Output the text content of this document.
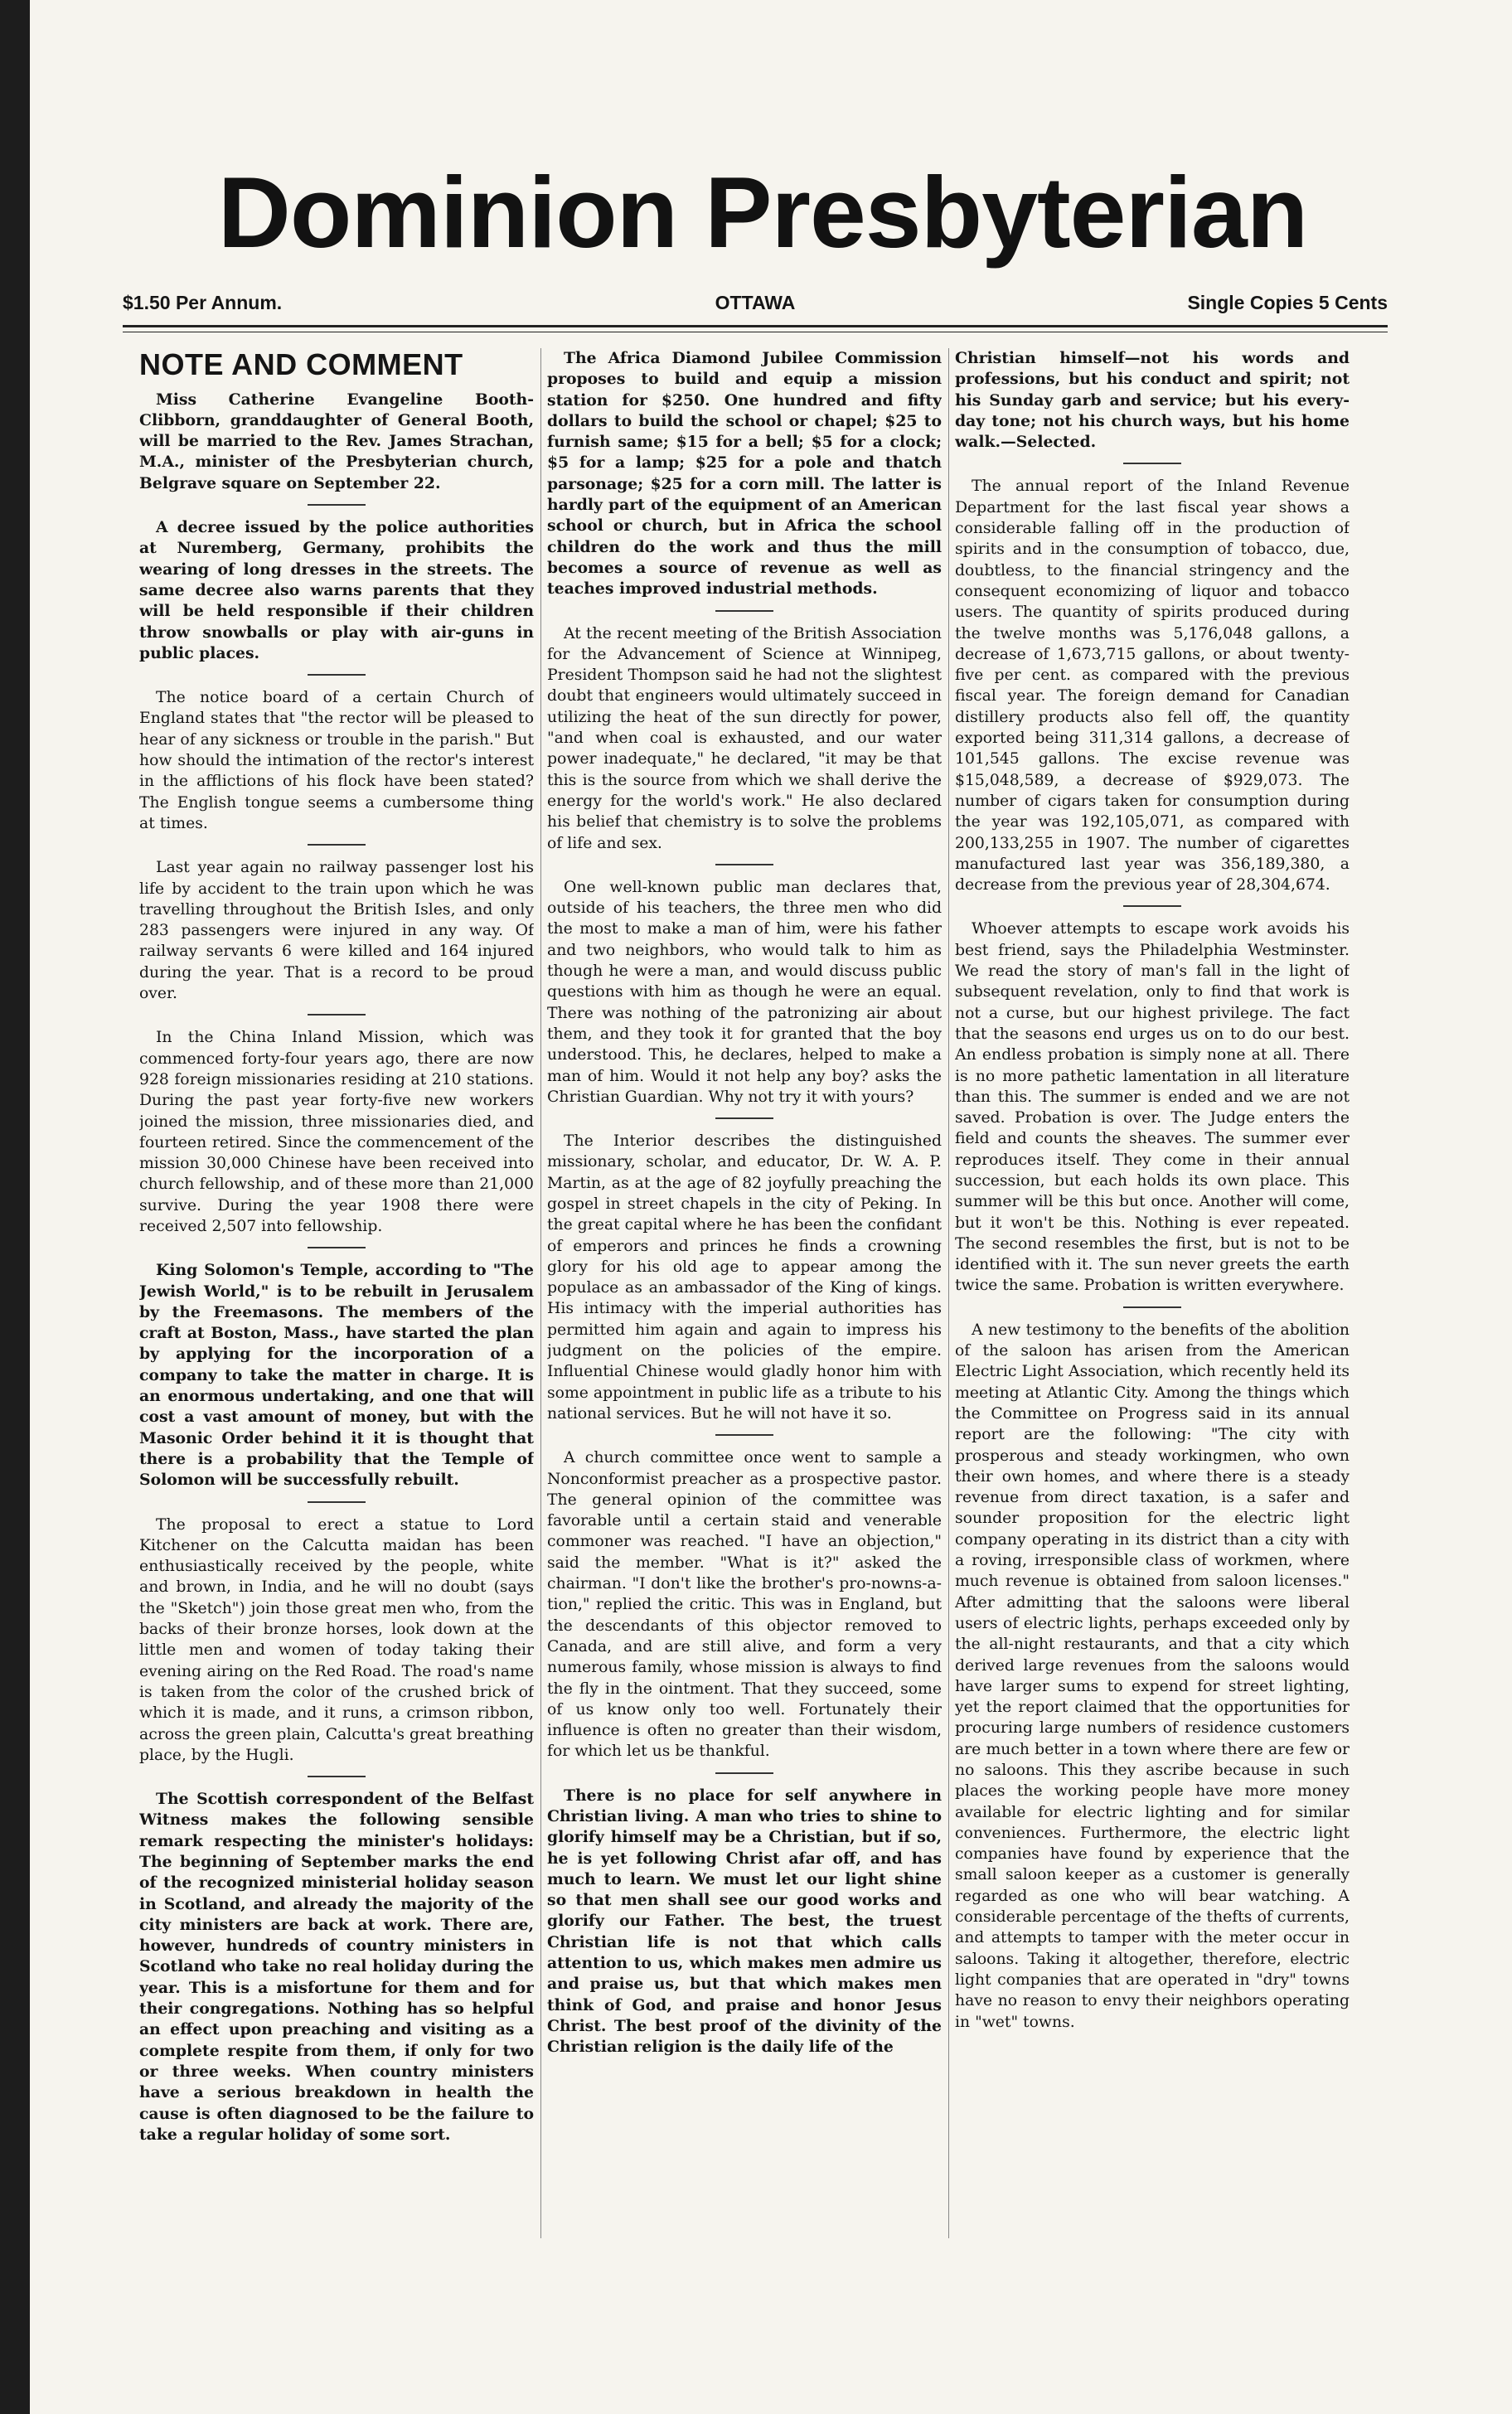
Dominion Presbyterian
$1.50 Per Annum.	OTTAWA	Single Copies 5 Cents
NOTE AND COMMENT

Miss Catherine Evangeline Booth-Clibborn, granddaughter of General Booth, will be married to the Rev. James Strachan, M.A., minister of the Presbyterian church, Belgrave square on September 22.

A decree issued by the police authorities at Nuremberg, Germany, prohibits the wearing of long dresses in the streets. The same decree also warns parents that they will be held responsible if their children throw snowballs or play with air-guns in public places.

The notice board of a certain Church of England states that "the rector will be pleased to hear of any sickness or trouble in the parish." But how should the intimation of the rector's interest in the afflictions of his flock have been stated? The English tongue seems a cumbersome thing at times.

Last year again no railway passenger lost his life by accident to the train upon which he was travelling throughout the British Isles, and only 283 passengers were injured in any way. Of railway servants 6 were killed and 164 injured during the year. That is a record to be proud over.

In the China Inland Mission, which was commenced forty-four years ago, there are now 928 foreign missionaries residing at 210 stations. During the past year forty-five new workers joined the mission, three missionaries died, and fourteen retired. Since the commencement of the mission 30,000 Chinese have been received into church fellowship, and of these more than 21,000 survive. During the year 1908 there were received 2,507 into fellowship.

King Solomon's Temple, according to "The Jewish World," is to be rebuilt in Jerusalem by the Freemasons. The members of the craft at Boston, Mass., have started the plan by applying for the incorporation of a company to take the matter in charge. It is an enormous undertaking, and one that will cost a vast amount of money, but with the Masonic Order behind it it is thought that there is a probability that the Temple of Solomon will be successfully rebuilt.

The proposal to erect a statue to Lord Kitchener on the Calcutta maidan has been enthusiastically received by the people, white and brown, in India, and he will no doubt (says the "Sketch") join those great men who, from the backs of their bronze horses, look down at the little men and women of today taking their evening airing on the Red Road. The road's name is taken from the color of the crushed brick of which it is made, and it runs, a crimson ribbon, across the green plain, Calcutta's great breathing place, by the Hugli.

The Scottish correspondent of the Belfast Witness makes the following sensible remark respecting the minister's holidays: The beginning of September marks the end of the recognized ministerial holiday season in Scotland, and already the majority of the city ministers are back at work. There are, however, hundreds of country ministers in Scotland who take no real holiday during the year. This is a misfortune for them and for their congregations. Nothing has so helpful an effect upon preaching and visiting as a complete respite from them, if only for two or three weeks. When country ministers have a serious breakdown in health the cause is often diagnosed to be the failure to take a regular holiday of some sort.

The Africa Diamond Jubilee Commission proposes to build and equip a mission station for $250. One hundred and fifty dollars to build the school or chapel; $25 to furnish same; $15 for a bell; $5 for a clock; $5 for a lamp; $25 for a pole and thatch parsonage; $25 for a corn mill. The latter is hardly part of the equipment of an American school or church, but in Africa the school children do the work and thus the mill becomes a source of revenue as well as teaches improved industrial methods.

At the recent meeting of the British Association for the Advancement of Science at Winnipeg, President Thompson said he had not the slightest doubt that engineers would ultimately succeed in utilizing the heat of the sun directly for power, "and when coal is exhausted, and our water power inadequate," he declared, "it may be that this is the source from which we shall derive the energy for the world's work." He also declared his belief that chemistry is to solve the problems of life and sex.

One well-known public man declares that, outside of his teachers, the three men who did the most to make a man of him, were his father and two neighbors, who would talk to him as though he were a man, and would discuss public questions with him as though he were an equal. There was nothing of the patronizing air about them, and they took it for granted that the boy understood. This, he declares, helped to make a man of him. Would it not help any boy? asks the Christian Guardian. Why not try it with yours?

The Interior describes the distinguished missionary, scholar, and educator, Dr. W. A. P. Martin, as at the age of 82 joyfully preaching the gospel in street chapels in the city of Peking. In the great capital where he has been the confidant of emperors and princes he finds a crowning glory for his old age to appear among the populace as an ambassador of the King of kings. His intimacy with the imperial authorities has permitted him again and again to impress his judgment on the policies of the empire. Influential Chinese would gladly honor him with some appointment in public life as a tribute to his national services. But he will not have it so.

A church committee once went to sample a Nonconformist preacher as a prospective pastor. The general opinion of the committee was favorable until a certain staid and venerable commoner was reached. "I have an objection," said the member. "What is it?" asked the chairman. "I don't like the brother's pro-nowns-a-tion," replied the critic. This was in England, but the descendants of this objector removed to Canada, and are still alive, and form a very numerous family, whose mission is always to find the fly in the ointment. That they succeed, some of us know only too well. Fortunately their influence is often no greater than their wisdom, for which let us be thankful.

There is no place for self anywhere in Christian living. A man who tries to shine to glorify himself may be a Christian, but if so, he is yet following Christ afar off, and has much to learn. We must let our light shine so that men shall see our good works and glorify our Father. The best, the truest Christian life is not that which calls attention to us, which makes men admire us and praise us, but that which makes men think of God, and praise and honor Jesus Christ. The best proof of the divinity of the Christian religion is the daily life of the

Christian himself—not his words and professions, but his conduct and spirit; not his Sunday garb and service; but his every-day tone; not his church ways, but his home walk.—Selected.

The annual report of the Inland Revenue Department for the last fiscal year shows a considerable falling off in the production of spirits and in the consumption of tobacco, due, doubtless, to the financial stringency and the consequent economizing of liquor and tobacco users. The quantity of spirits produced during the twelve months was 5,176,048 gallons, a decrease of 1,673,715 gallons, or about twenty-five per cent. as compared with the previous fiscal year. The foreign demand for Canadian distillery products also fell off, the quantity exported being 311,314 gallons, a decrease of 101,545 gallons. The excise revenue was $15,048,589, a decrease of $929,073. The number of cigars taken for consumption during the year was 192,105,071, as compared with 200,133,255 in 1907. The number of cigarettes manufactured last year was 356,189,380, a decrease from the previous year of 28,304,674.

Whoever attempts to escape work avoids his best friend, says the Philadelphia Westminster. We read the story of man's fall in the light of subsequent revelation, only to find that work is not a curse, but our highest privilege. The fact that the seasons end urges us on to do our best. An endless probation is simply none at all. There is no more pathetic lamentation in all literature than this. The summer is ended and we are not saved. Probation is over. The Judge enters the field and counts the sheaves. The summer ever reproduces itself. They come in their annual succession, but each holds its own place. This summer will be this but once. Another will come, but it won't be this. Nothing is ever repeated. The second resembles the first, but is not to be identified with it. The sun never greets the earth twice the same. Probation is written everywhere.

A new testimony to the benefits of the abolition of the saloon has arisen from the American Electric Light Association, which recently held its meeting at Atlantic City. Among the things which the Committee on Progress said in its annual report are the following: "The city with prosperous and steady workingmen, who own their own homes, and where there is a steady revenue from direct taxation, is a safer and sounder proposition for the electric light company operating in its district than a city with a roving, irresponsible class of workmen, where much revenue is obtained from saloon licenses." After admitting that the saloons were liberal users of electric lights, perhaps exceeded only by the all-night restaurants, and that a city which derived large revenues from the saloons would have larger sums to expend for street lighting, yet the report claimed that the opportunities for procuring large numbers of residence customers are much better in a town where there are few or no saloons. This they ascribe because in such places the working people have more money available for electric lighting and for similar conveniences. Furthermore, the electric light companies have found by experience that the small saloon keeper as a customer is generally regarded as one who will bear watching. A considerable percentage of the thefts of currents, and attempts to tamper with the meter occur in saloons. Taking it altogether, therefore, electric light companies that are operated in "dry" towns have no reason to envy their neighbors operating in "wet" towns.
